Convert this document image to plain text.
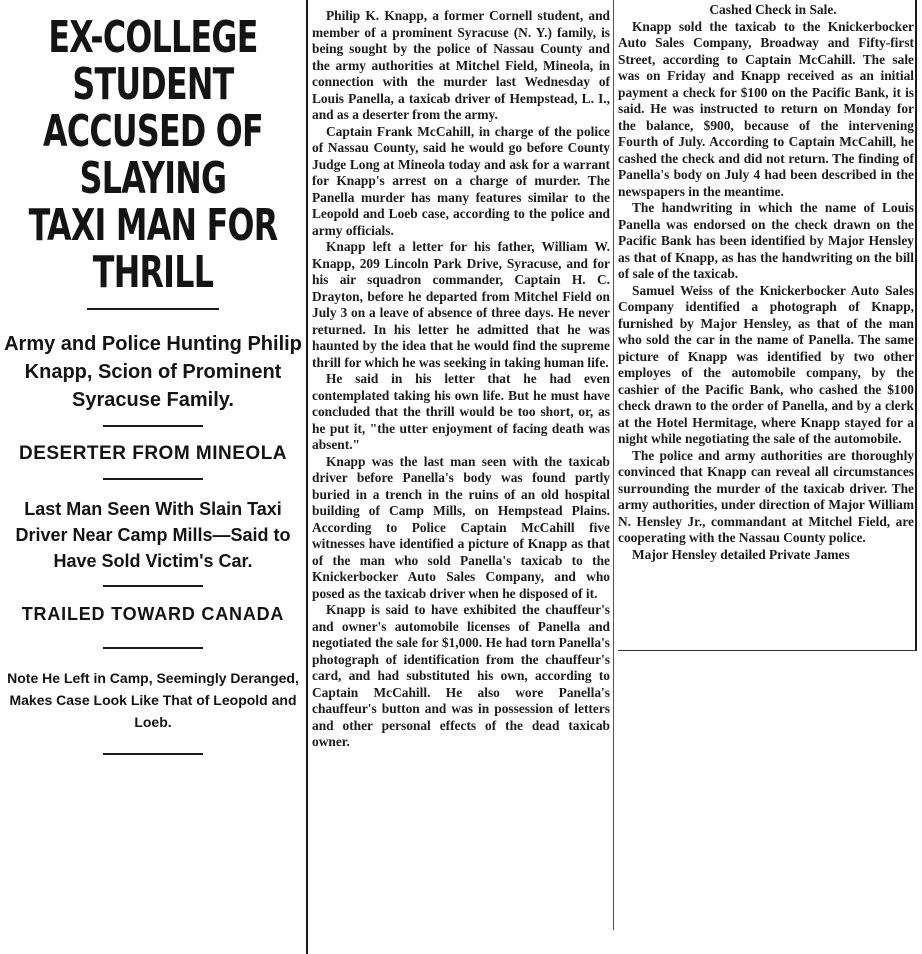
EX-COLLEGE STUDENT
ACCUSED OF SLAYING
TAXI MAN FOR THRILL

Army and Police Hunting Philip Knapp, Scion of Prominent Syracuse Family.

DESERTER FROM MINEOLA

Last Man Seen With Slain Taxi Driver Near Camp Mills—Said to Have Sold Victim's Car.

TRAILED TOWARD CANADA

Note He Left in Camp, Seemingly Deranged, Makes Case Look Like That of Leopold and Loeb.

Philip K. Knapp, a former Cornell student, and member of a prominent Syracuse (N. Y.) family, is being sought by the police of Nassau County and the army authorities at Mitchel Field, Mineola, in connection with the murder last Wednesday of Louis Panella, a taxicab driver of Hempstead, L. I., and as a deserter from the army.

Captain Frank McCahill, in charge of the police of Nassau County, said he would go before County Judge Long at Mineola today and ask for a warrant for Knapp's arrest on a charge of murder. The Panella murder has many features similar to the Leopold and Loeb case, according to the police and army officials.

Knapp left a letter for his father, William W. Knapp, 209 Lincoln Park Drive, Syracuse, and for his air squadron commander, Captain H. C. Drayton, before he departed from Mitchel Field on July 3 on a leave of absence of three days. He never returned. In his letter he admitted that he was haunted by the idea that he would find the supreme thrill for which he was seeking in taking human life.

He said in his letter that he had even contemplated taking his own life. But he must have concluded that the thrill would be too short, or, as he put it, "the utter enjoyment of facing death was absent."

Knapp was the last man seen with the taxicab driver before Panella's body was found partly buried in a trench in the ruins of an old hospital building of Camp Mills, on Hempstead Plains. According to Police Captain McCahill five witnesses have identified a picture of Knapp as that of the man who sold Panella's taxicab to the Knickerbocker Auto Sales Company, and who posed as the taxicab driver when he disposed of it.

Knapp is said to have exhibited the chauffeur's and owner's automobile licenses of Panella and negotiated the sale for $1,000. He had torn Panella's photograph of identification from the chauffeur's card, and had substituted his own, according to Captain McCahill. He also wore Panella's chauffeur's button and was in possession of letters and other personal effects of the dead taxicab owner.

Cashed Check in Sale.

Knapp sold the taxicab to the Knickerbocker Auto Sales Company, Broadway and Fifty-first Street, according to Captain McCahill. The sale was on Friday and Knapp received as an initial payment a check for $100 on the Pacific Bank, it is said. He was instructed to return on Monday for the balance, $900, because of the intervening Fourth of July. According to Captain McCahill, he cashed the check and did not return. The finding of Panella's body on July 4 had been described in the newspapers in the meantime.

The handwriting in which the name of Louis Panella was endorsed on the check drawn on the Pacific Bank has been identified by Major Hensley as that of Knapp, as has the handwriting on the bill of sale of the taxicab.

Samuel Weiss of the Knickerbocker Auto Sales Company identified a photograph of Knapp, furnished by Major Hensley, as that of the man who sold the car in the name of Panella. The same picture of Knapp was identified by two other employes of the automobile company, by the cashier of the Pacific Bank, who cashed the $100 check drawn to the order of Panella, and by a clerk at the Hotel Hermitage, where Knapp stayed for a night while negotiating the sale of the automobile.

The police and army authorities are thoroughly convinced that Knapp can reveal all circumstances surrounding the murder of the taxicab driver. The army authorities, under direction of Major William N. Hensley Jr., commandant at Mitchel Field, are cooperating with the Nassau County police.

Major Hensley detailed Private James
